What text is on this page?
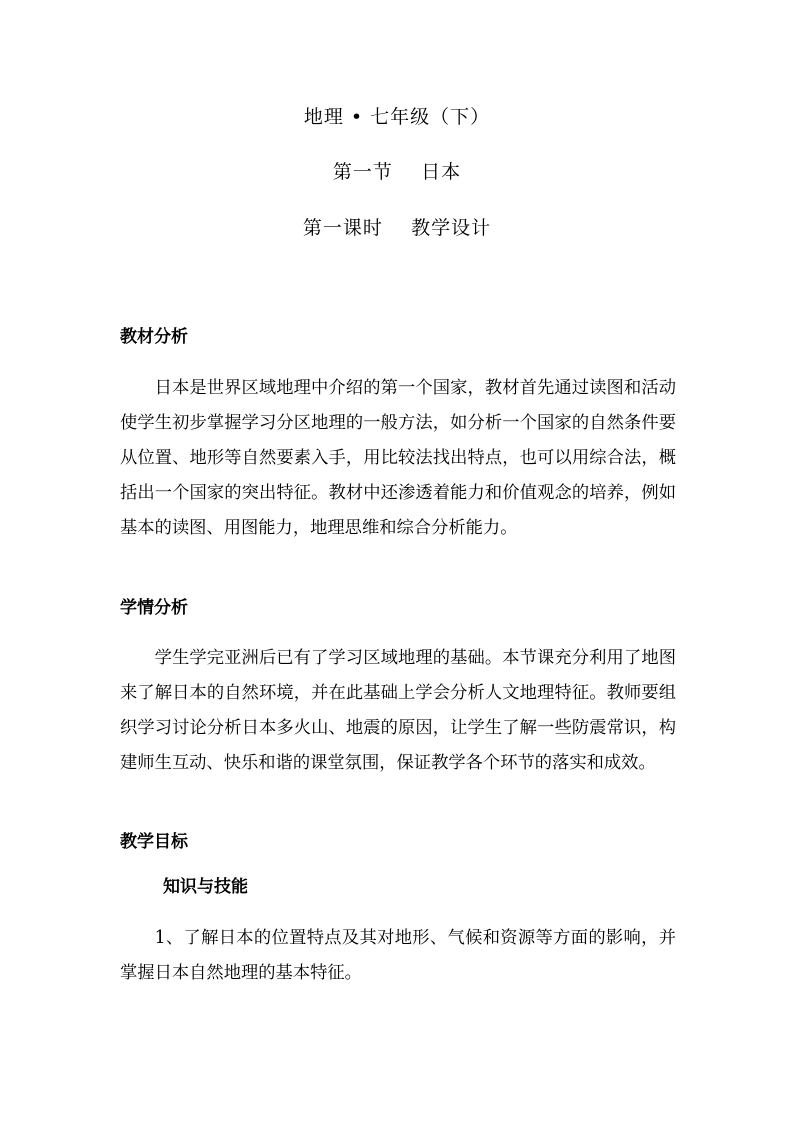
地理 • 七年级（下）
第一节    日本
第一课时    教学设计
教材分析

日本是世界区域地理中介绍的第一个国家，教材首先通过读图和活动使学生初步掌握学习分区地理的一般方法，如分析一个国家的自然条件要从位置、地形等自然要素入手，用比较法找出特点，也可以用综合法，概括出一个国家的突出特征。教材中还渗透着能力和价值观念的培养，例如基本的读图、用图能力，地理思维和综合分析能力。

学情分析

学生学完亚洲后已有了学习区域地理的基础。本节课充分利用了地图来了解日本的自然环境，并在此基础上学会分析人文地理特征。教师要组织学习讨论分析日本多火山、地震的原因，让学生了解一些防震常识，构建师生互动、快乐和谐的课堂氛围，保证教学各个环节的落实和成效。

教学目标
知识与技能

1、了解日本的位置特点及其对地形、气候和资源等方面的影响，并掌握日本自然地理的基本特征。
